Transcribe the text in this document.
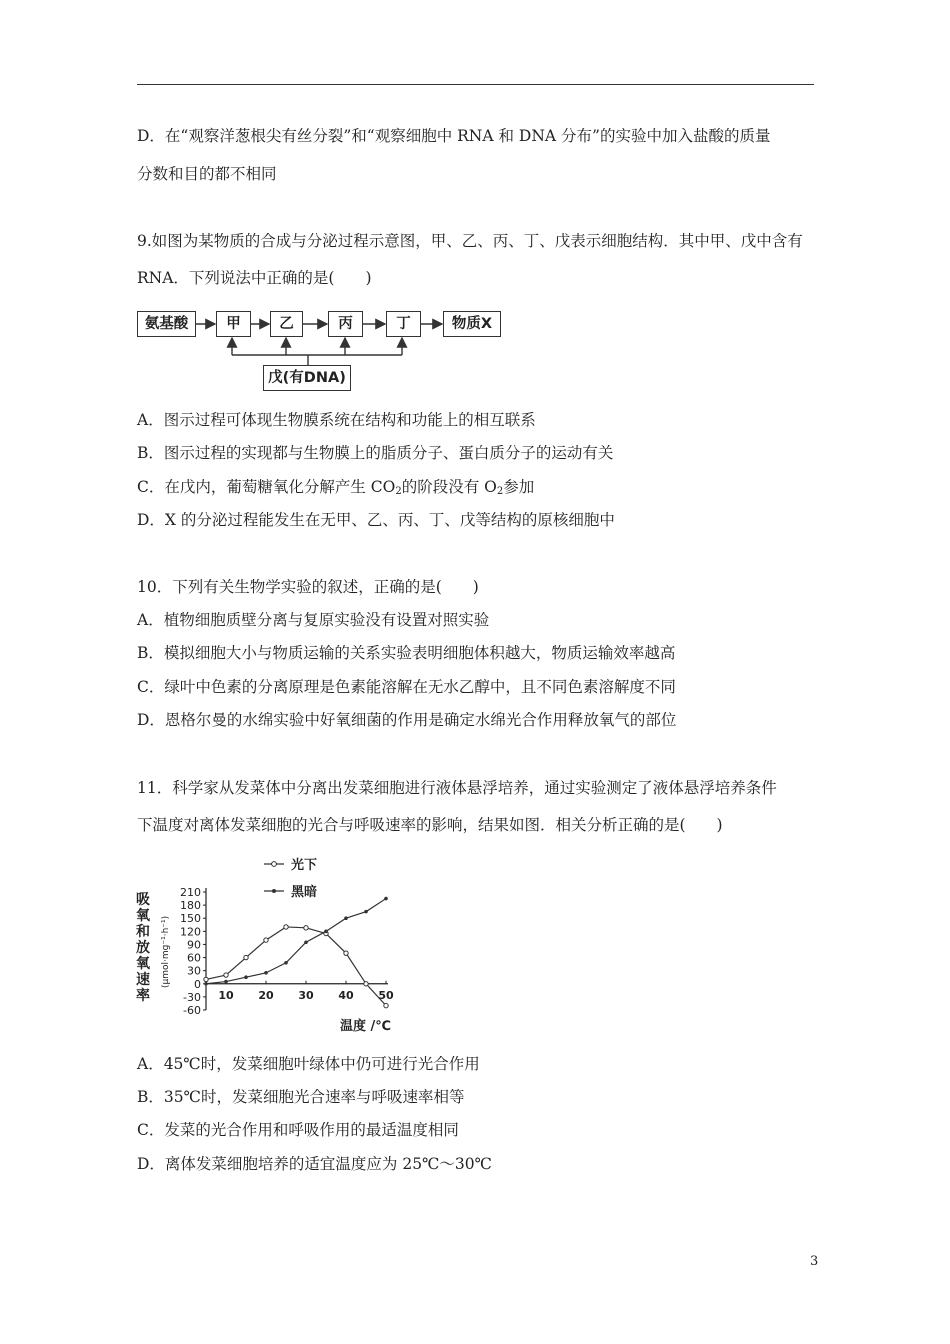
D．在“观察洋葱根尖有丝分裂”和“观察细胞中 RNA 和 DNA 分布”的实验中加入盐酸的质量
分数和目的都不相同
9.如图为某物质的合成与分泌过程示意图，甲、乙、丙、丁、戊表示细胞结构．其中甲、戊中含有
RNA．下列说法中正确的是(　　)
氨基酸	甲	乙	丙	丁	物质X
戊(有DNA)
A．图示过程可体现生物膜系统在结构和功能上的相互联系
B．图示过程的实现都与生物膜上的脂质分子、蛋白质分子的运动有关
C．在戊内，葡萄糖氧化分解产生 $CO_2$的阶段没有 $O_2$参加
D．X 的分泌过程能发生在无甲、乙、丙、丁、戊等结构的原核细胞中
10．下列有关生物学实验的叙述，正确的是(　　)
A．植物细胞质壁分离与复原实验没有设置对照实验
B．模拟细胞大小与物质运输的关系实验表明细胞体积越大，物质运输效率越高
C．绿叶中色素的分离原理是色素能溶解在无水乙醇中，且不同色素溶解度不同
D．恩格尔曼的水绵实验中好氧细菌的作用是确定水绵光合作用释放氧气的部位
11．科学家从发菜体中分离出发菜细胞进行液体悬浮培养，通过实验测定了液体悬浮培养条件
下温度对离体发菜细胞的光合与呼吸速率的影响，结果如图．相关分析正确的是(　　)
吸
氧
和
放
氧
速
率
(μmol·mg⁻¹·h⁻¹)
210
180
150
120
90
60
30
0
-30
-60
10 20 30 40 50
光下
黑暗
温度 /℃
A．45℃时，发菜细胞叶绿体中仍可进行光合作用
B．35℃时，发菜细胞光合速率与呼吸速率相等
C．发菜的光合作用和呼吸作用的最适温度相同
D．离体发菜细胞培养的适宜温度应为 25℃～30℃
3
